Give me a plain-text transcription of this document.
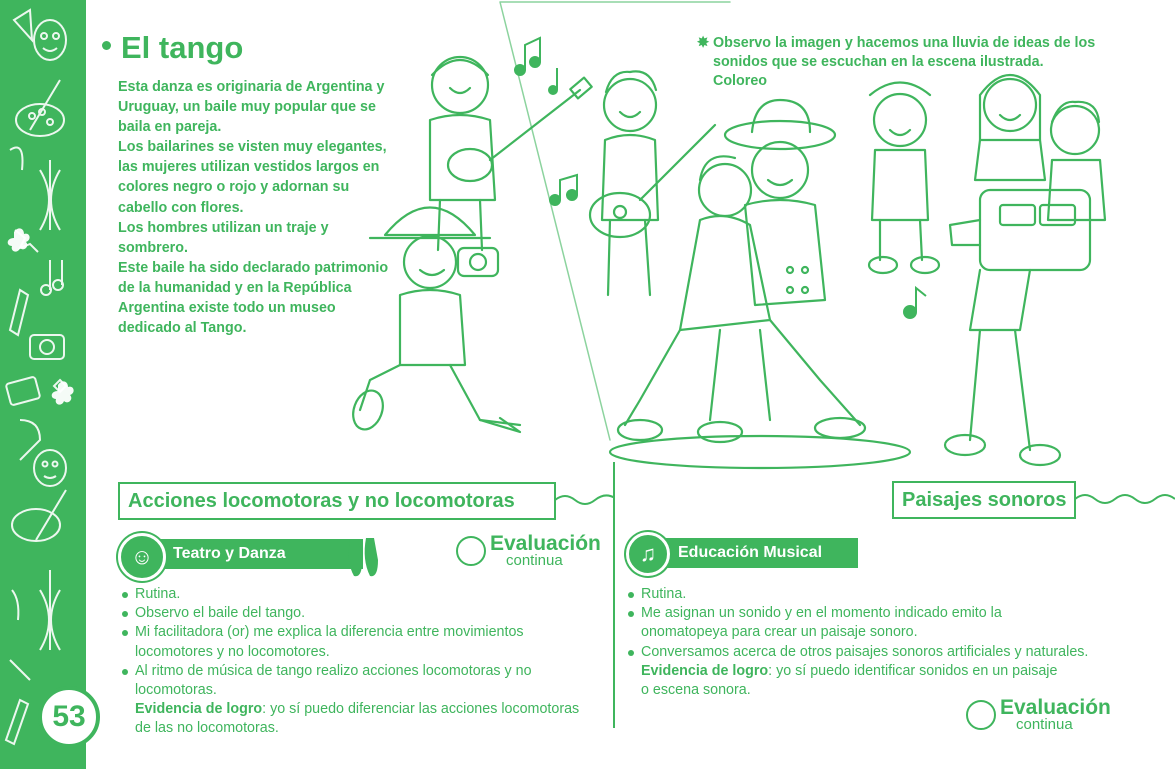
53
El tango

Esta danza es originaria de Argentina y

Uruguay, un baile muy popular que se

baila en pareja.

Los bailarines se visten muy elegantes,

las mujeres utilizan vestidos largos en

colores negro o rojo y adornan su

cabello con flores.

Los hombres utilizan un traje y

sombrero.

Este baile ha sido declarado patrimonio

de la humanidad y en la República

Argentina existe todo un museo

dedicado al Tango.

✸ Observo la imagen y hacemos una lluvia de ideas de los
sonidos que se escuchan en la escena ilustrada. Coloreo
Acciones locomotoras y no locomotoras	Paisajes sonoros
Teatro y Danza
☺
Evaluación
continua	Educación Musical
♫
Rutina.
Observo el baile del tango.
Mi facilitadora (or) me explica la diferencia entre movimientos
locomotores y no locomotores.
Al ritmo de música de tango realizo acciones locomotoras y no
locomotoras.
Evidencia de logro: yo sí puedo diferenciar las acciones locomotoras
de las no locomotoras.
Rutina.
Me asignan un sonido y en el momento indicado emito la
onomatopeya para crear un paisaje sonoro.
Conversamos acerca de otros paisajes sonoros artificiales y naturales.
Evidencia de logro: yo sí puedo identificar sonidos en un paisaje
o escena sonora.
Evaluación
continua
